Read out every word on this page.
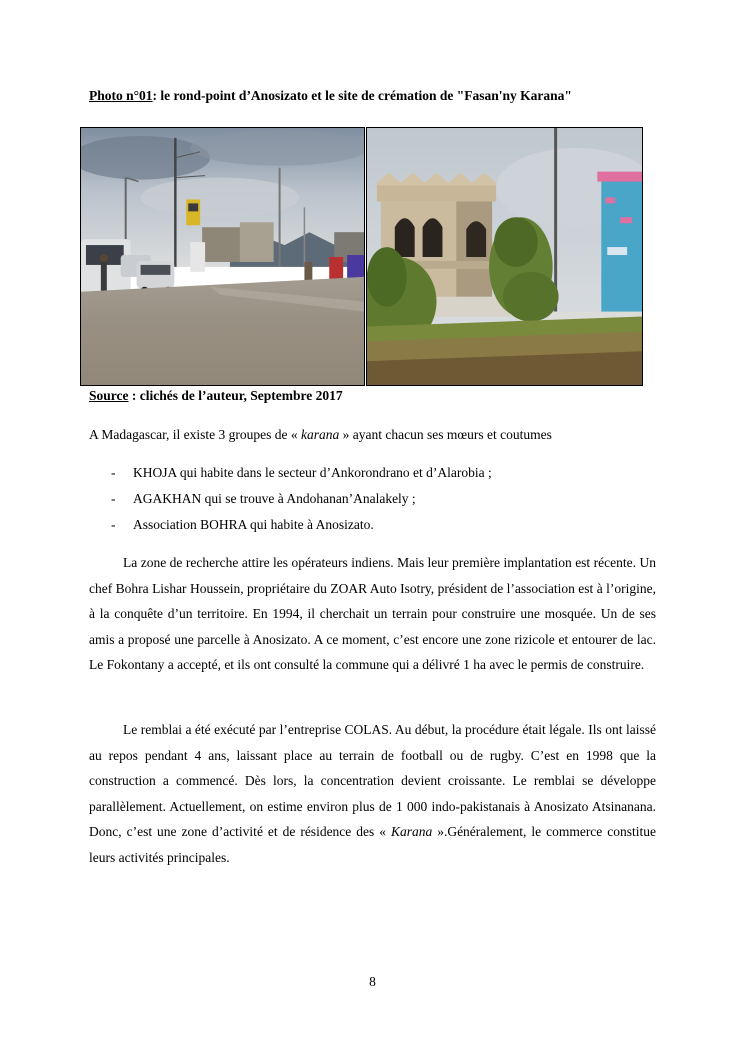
Photo n°01: le rond-point d’Anosizato et le site de crémation de "Fasan'ny Karana"
Source : clichés de l’auteur, Septembre 2017
A Madagascar, il existe 3 groupes de « karana » ayant chacun ses mœurs et coutumes
- KHOJA qui habite dans le secteur d’Ankorondrano et d’Alarobia ;
- AGAKHAN qui se trouve à Andohanan’Analakely ;
- Association BOHRA qui habite à Anosizato.

La zone de recherche attire les opérateurs indiens. Mais leur première implantation est récente. Un chef Bohra Lishar Houssein, propriétaire du ZOAR Auto Isotry, président de l’association est à l’origine, à la conquête d’un territoire. En 1994, il cherchait un terrain pour construire une mosquée. Un de ses amis a proposé une parcelle à Anosizato. A ce moment, c’est encore une zone rizicole et entourer de lac. Le Fokontany a accepté, et ils ont consulté la commune qui a délivré 1 ha avec le permis de construire.

Le remblai a été exécuté par l’entreprise COLAS. Au début, la procédure était légale. Ils ont laissé au repos pendant 4 ans, laissant place au terrain de football ou de rugby. C’est en 1998 que la construction a commencé. Dès lors, la concentration devient croissante. Le remblai se développe parallèlement. Actuellement, on estime environ plus de 1 000 indo-pakistanais à Anosizato Atsinanana. Donc, c’est une zone d’activité et de résidence des « Karana ».Généralement, le commerce constitue leurs activités principales.

8
